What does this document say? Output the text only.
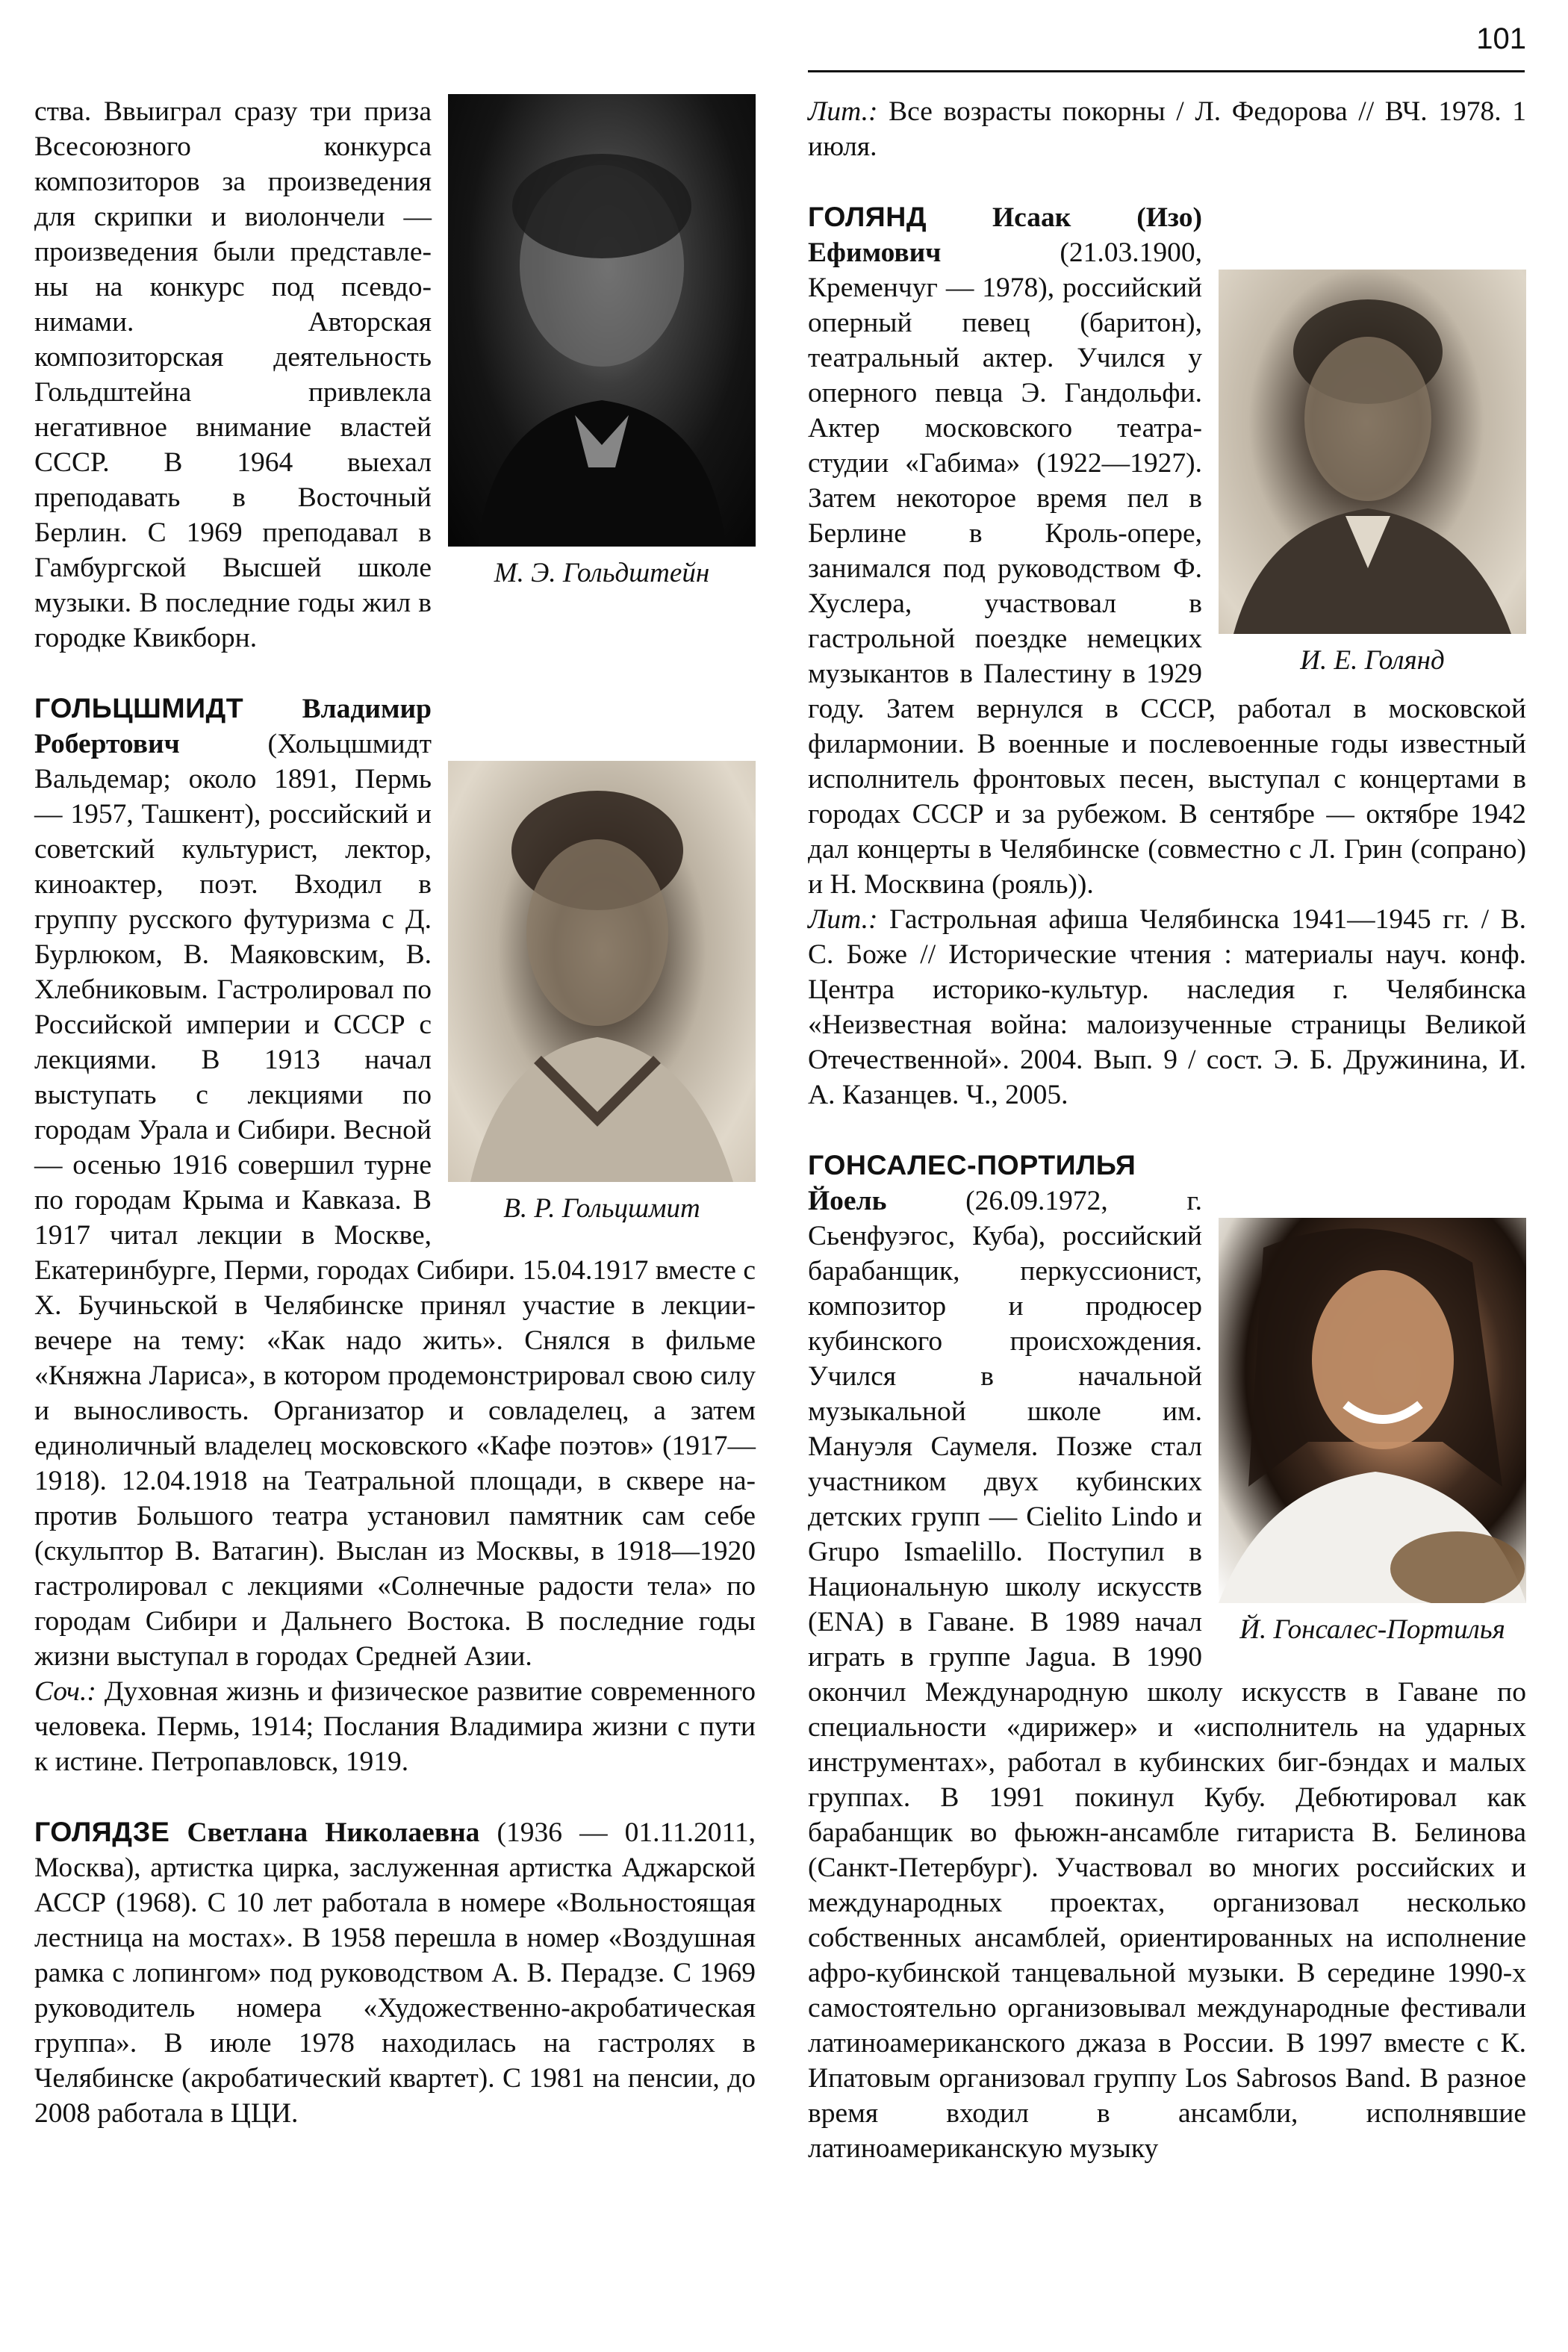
101
М. Э. Гольдштейн

ства. Ввыиграл сразу три приза Всесоюзного конкурса композиторов за произведения для скрипки и виолончели — произведения были представлены на конкурс под псевдонимами. Авторская композиторская деятельность Гольдштейна привлекла негативное внимание властей СССР. В 1964 выехал преподавать в Восточный Берлин. С 1969 преподавал в Гамбургской Высшей школе музыки. В последние годы жил в городке Квикборн.

В. Р. Гольцшмит

ГОЛЬЦШМИДТ Владимир Робертович	(Хольцшмидт Вальдемар; около 1891, Пермь — 1957, Ташкент), российский и советский культурист, лектор, киноактер, поэт. Входил в группу русского футуризма с Д. Бурлюком, В. Маяковским, В. Хлебниковым. Гастролировал по Российской империи и СССР с лекциями. В 1913 начал выступать с лекциями по городам Урала и Сибири. Весной — осенью 1916 совершил турне по городам Крыма и Кавказа. В 1917 читал лекции в Москве, Екатеринбурге, Перми, городах Сибири. 15.04.1917 вместе с Х. Бучиньской в Челябинске принял участие в лекции-вечере на тему: «Как надо жить». Снялся в фильме «Княжна Лариса», в котором продемонстрировал свою силу и выносливость. Организатор и совладелец, а затем единоличный владелец московского «Кафе поэтов» (1917—1918). 12.04.1918 на Театральной площади, в сквере напротив Большого театра установил памятник сам себе (скульптор В. Ватагин). Выслан из Москвы, в 1918—1920 гастролировал с лекциями «Солнечные радости тела» по городам Сибири и Дальнего Востока. В последние годы жизни выступал в городах Средней Азии.

Соч.: Духовная жизнь и физическое развитие современного человека. Пермь, 1914; Послания Владимира жизни с пути к истине. Петропавловск, 1919.

ГОЛЯДЗЕ Светлана Николаевна (1936 — 01.11.2011, Москва), артистка цирка, заслуженная артистка Аджарской АССР (1968). С 10 лет работала в номере «Вольностоящая лестница на мостах». В 1958 перешла в номер «Воздушная рамка с лопингом» под руководством А. В. Перадзе. С 1969 руководитель номера «Художественно-акробатическая группа». В июле 1978 находилась на гастролях в Челябинске (акробатический квартет). С 1981 на пенсии, до 2008 работала в ЦЦИ.

Лит.: Все возрасты покорны / Л. Федорова // ВЧ. 1978. 1 июля.

И. Е. Голянд

ГОЛЯНД Исаак (Изо) Ефимович	(21.03.1900, Кременчуг — 1978), российский оперный певец (баритон), театральный актер. Учился у оперного певца Э. Гандольфи. Актер московского театра-студии «Габима» (1922—1927). Затем некоторое время пел в Берлине в Кроль-опере, занимался под руководством Ф. Хуслера, участвовал в гастрольной поездке немецких музыкантов в Палестину в 1929 году. Затем вернулся в СССР, работал в московской филармонии. В военные и послевоенные годы известный исполнитель фронтовых песен, выступал с концертами в городах СССР и за рубежом. В сентябре — октябре 1942 дал концерты в Челябинске (совместно с Л. Грин (сопрано) и Н. Москвина (рояль)).

Лит.: Гастрольная афиша Челябинска 1941—1945 гг. / В. С. Боже // Исторические чтения : материалы науч. конф. Центра историко-культур. наследия г. Челябинска «Неизвестная война: малоизученные страницы Великой Отечественной». 2004. Вып. 9 / сост. Э. Б. Дружинина, И. А. Казанцев. Ч., 2005.

Й. Гонсалес-Портилья

ГОНСАЛЕС-ПОРТИЛЬЯ Йоель	(26.09.1972, г. Сьенфуэгос, Куба), российский барабанщик, перкуссионист, композитор и продюсер кубинского происхождения. Учился в начальной музыкальной школе им. Мануэля Саумеля. Позже стал участником двух кубинских детских групп — Cielito Lindo и Grupo Ismaelillo. Поступил в Национальную школу искусств (ENA) в Гаване. В 1989 начал играть в группе Jagua. В 1990 окончил Международную школу искусств в Гаване по специальности «дирижер» и «исполнитель на ударных инструментах», работал в кубинских биг-бэндах и малых группах. В 1991 покинул Кубу. Дебютировал как барабанщик во фьюжн-ансамбле гитариста В. Белинова (Санкт-Петербург). Участвовал во многих российских и международных проектах, организовал несколько собственных ансамблей, ориентированных на исполнение афро-кубинской танцевальной музыки. В середине 1990-х самостоятельно организовывал международные фестивали латиноамериканского джаза в России. В 1997 вместе с К. Ипатовым организовал группу Los Sabrosos Band. В разное время входил в ансамбли, исполнявшие латиноамериканскую музыку
